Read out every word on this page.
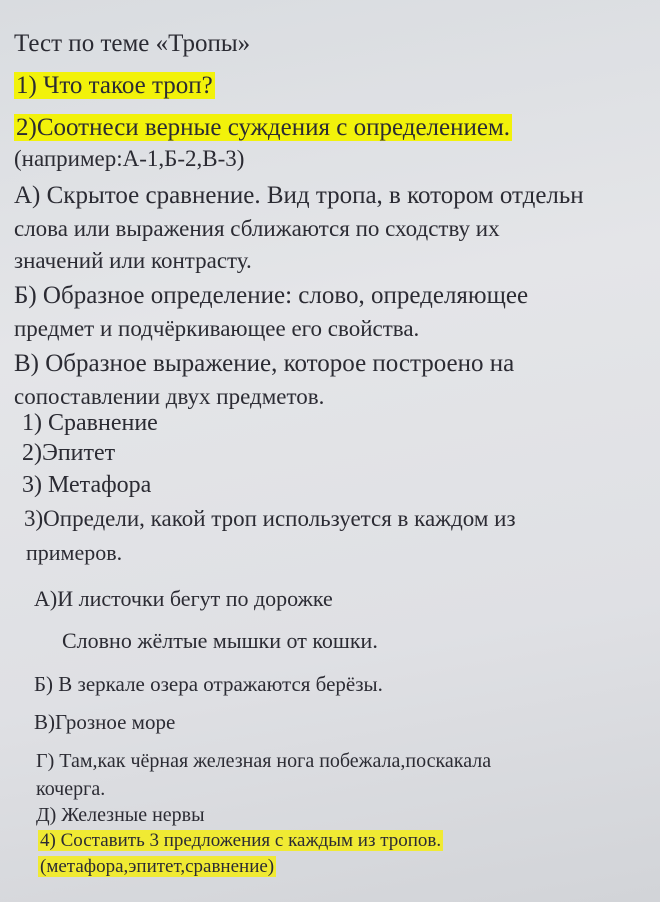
Тест по теме «Тропы»
1) Что такое троп?
2)Соотнеси верные суждения с определением.
(например:А-1,Б-2,В-3)
А) Скрытое сравнение. Вид тропа, в котором отдельн
слова или выражения сближаются по сходству их
значений или контрасту.
Б) Образное определение: слово, определяющее
предмет и подчёркивающее его свойства.
В) Образное выражение, которое построено на
сопоставлении двух предметов.
1) Сравнение
2)Эпитет
3) Метафора
3)Определи, какой троп используется в каждом из
примеров.
А)И листочки бегут по дорожке
Словно жёлтые мышки от кошки.
Б) В зеркале озера отражаются берёзы.
В)Грозное море
Г) Там,как чёрная железная нога побежала,поскакала
кочерга.
Д) Железные нервы
4) Составить 3 предложения с каждым из тропов.
(метафора,эпитет,сравнение)
